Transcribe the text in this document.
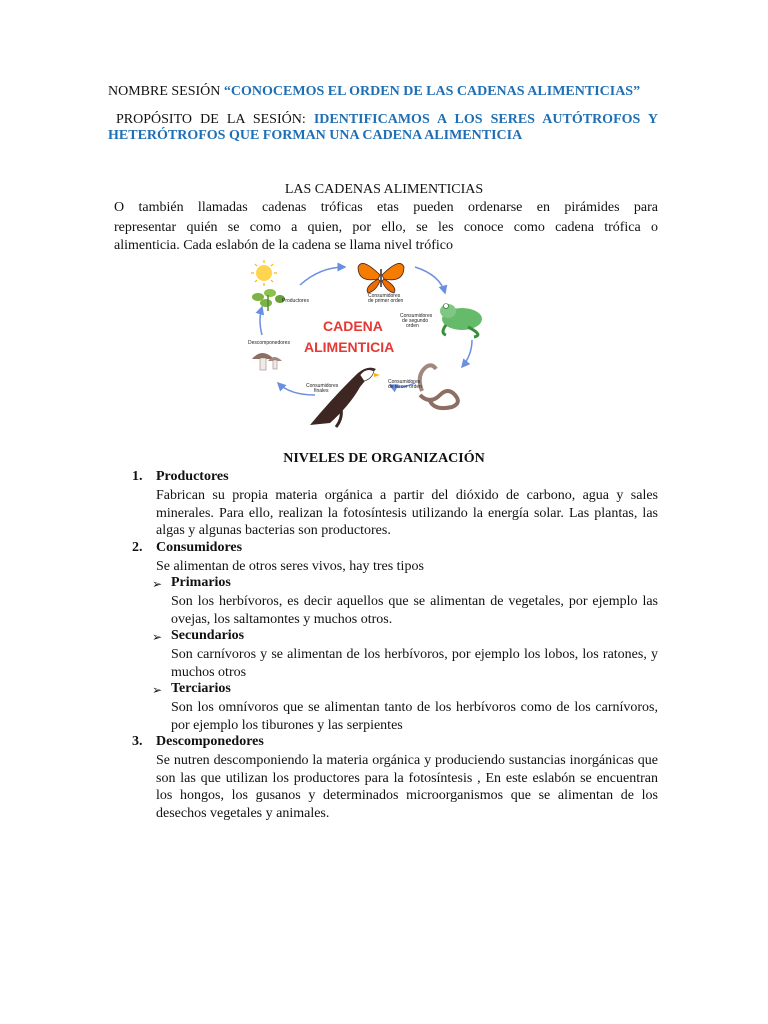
NOMBRE SESIÓN “CONOCEMOS EL ORDEN DE LAS CADENAS ALIMENTICIAS”
PROPÓSITO DE LA SESIÓN: IDENTIFICAMOS A LOS SERES AUTÓTROFOS Y
HETERÓTROFOS QUE FORMAN UNA CADENA ALIMENTICIA
LAS CADENAS ALIMENTICIAS
O también llamadas cadenas tróficas etas pueden ordenarse en pirámides para
representar quién se como a quien, por ello, se les conoce como cadena trófica o
alimenticia. Cada eslabón de la cadena se llama nivel trófico
Productores
Consumidores
de primer orden
Consumidores
de segundo
orden
CADENA
ALIMENTICIA
Consumidores
de tercer orden
Consumidores
finales
Descomponedores
NIVELES DE ORGANIZACIÓN
1. Productores
Fabrican su propia materia orgánica a partir del dióxido de carbono, agua y sales minerales. Para ello, realizan la fotosíntesis utilizando la energía solar. Las plantas, las algas y algunas bacterias son productores.
2. Consumidores
Se alimentan de otros seres vivos, hay tres tipos
➢ Primarios
Son los herbívoros, es decir aquellos que se alimentan de vegetales, por ejemplo las ovejas, los saltamontes y muchos otros.
➢ Secundarios
Son carnívoros y se alimentan de los herbívoros, por ejemplo los lobos, los ratones, y muchos otros
➢ Terciarios
Son los omnívoros que se alimentan tanto de los herbívoros como de los carnívoros, por ejemplo los tiburones y las serpientes
3. Descomponedores
Se nutren descomponiendo la materia orgánica y produciendo sustancias inorgánicas que son las que utilizan los productores para la fotosíntesis , En este eslabón se encuentran los hongos, los gusanos y determinados microorganismos que se alimentan de los desechos vegetales y animales.
